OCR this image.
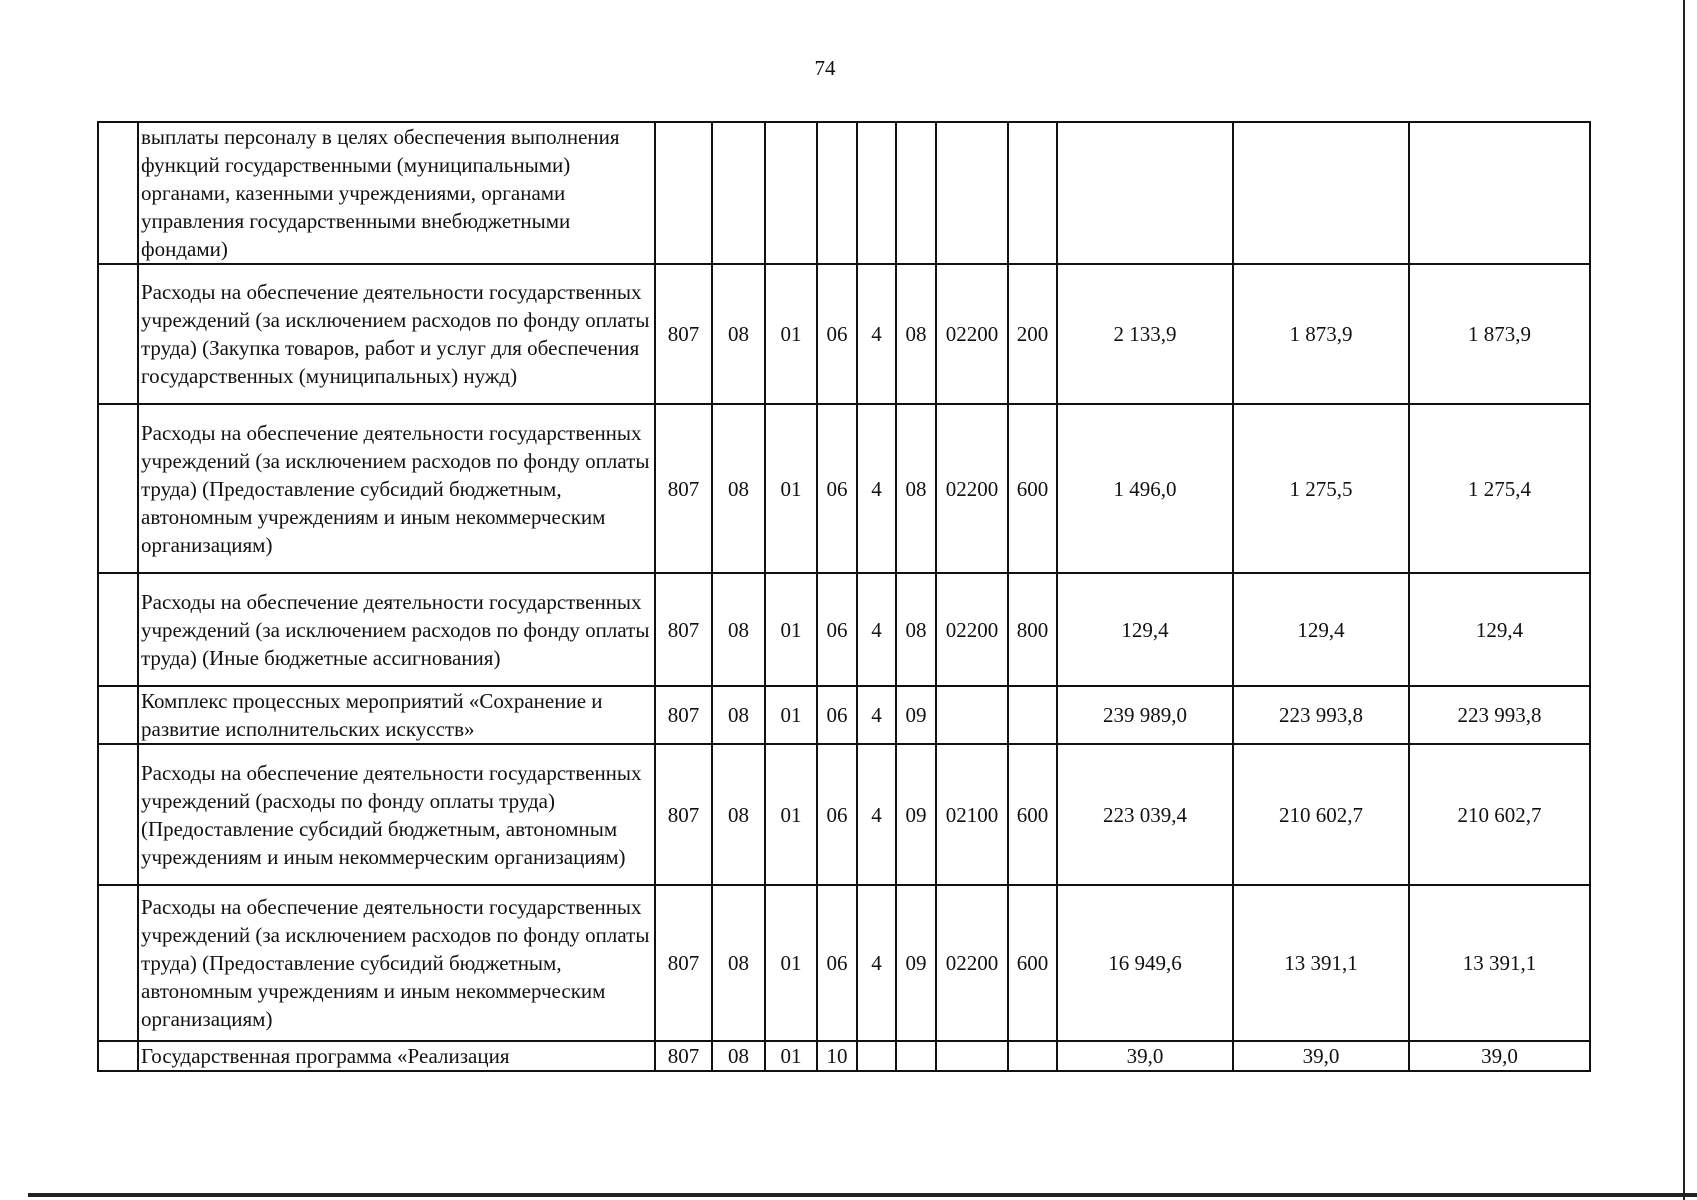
74
	выплаты персоналу в целях обеспечения выполнения функций государственными (муниципальными) органами, казенными учреждениями, органами управления государственными внебюджетными фондами)											
	Расходы на обеспечение деятельности государственных учреждений (за исключением расходов по фонду оплаты труда) (Закупка товаров, работ и услуг для обеспечения государственных (муниципальных) нужд)	807	08	01	06	4	08	02200	200	2 133,9	1 873,9	1 873,9
	Расходы на обеспечение деятельности государственных учреждений (за исключением расходов по фонду оплаты труда) (Предоставление субсидий бюджетным, автономным учреждениям и иным некоммерческим организациям)	807	08	01	06	4	08	02200	600	1 496,0	1 275,5	1 275,4
	Расходы на обеспечение деятельности государственных учреждений (за исключением расходов по фонду оплаты труда) (Иные бюджетные ассигнования)	807	08	01	06	4	08	02200	800	129,4	129,4	129,4
	Комплекс процессных мероприятий «Сохранение и развитие исполнительских искусств»	807	08	01	06	4	09			239 989,0	223 993,8	223 993,8
	Расходы на обеспечение деятельности государственных учреждений (расходы по фонду оплаты труда) (Предоставление субсидий бюджетным, автономным учреждениям и иным некоммерческим организациям)	807	08	01	06	4	09	02100	600	223 039,4	210 602,7	210 602,7
	Расходы на обеспечение деятельности государственных учреждений (за исключением расходов по фонду оплаты труда) (Предоставление субсидий бюджетным, автономным учреждениям и иным некоммерческим организациям)	807	08	01	06	4	09	02200	600	16 949,6	13 391,1	13 391,1
	Государственная программа «Реализация	807	08	01	10					39,0	39,0	39,0
